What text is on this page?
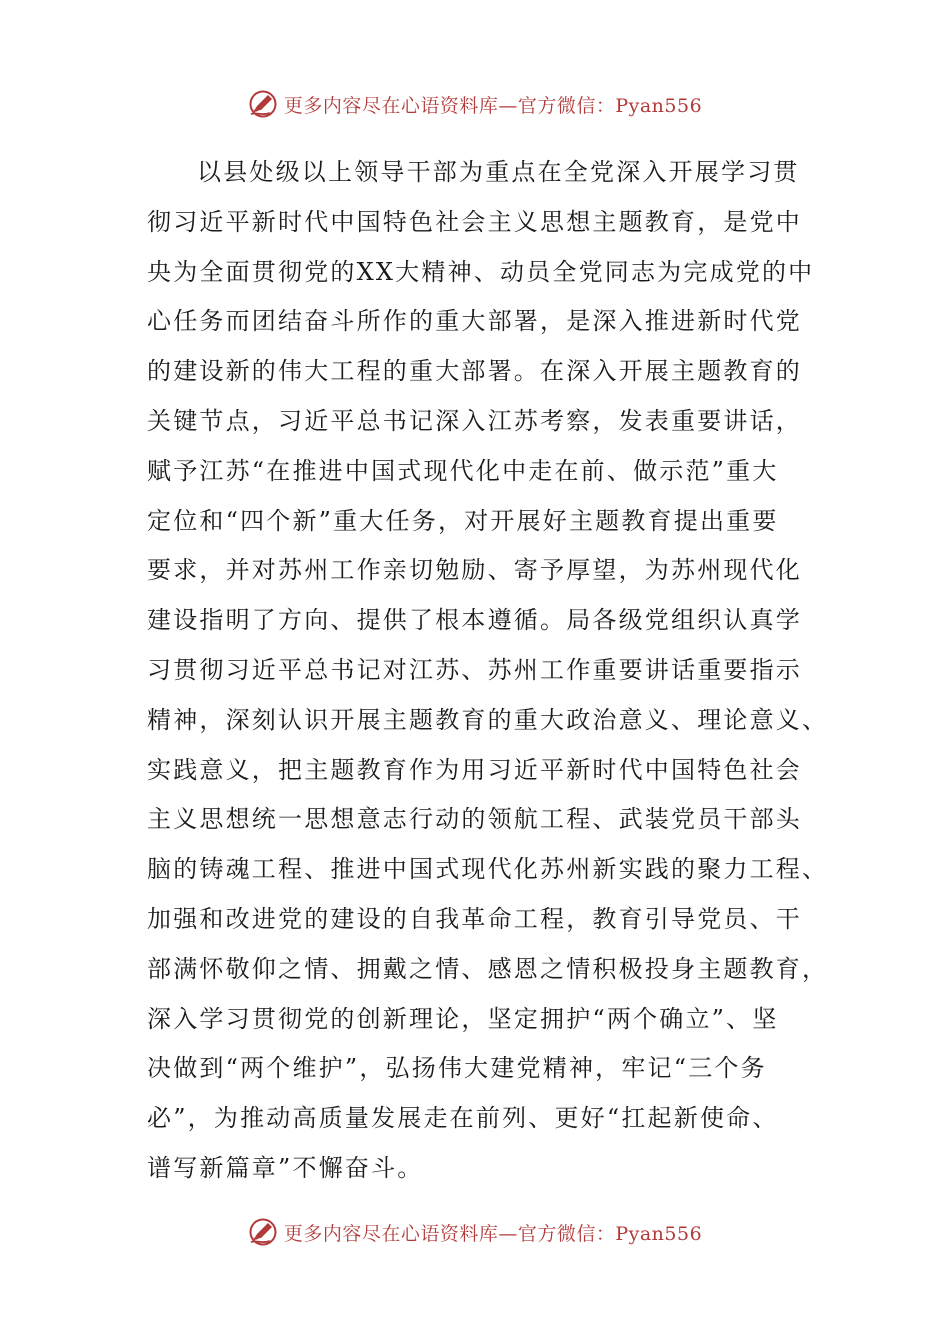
更多内容尽在心语资料库—官方微信：Pyan556
以县处级以上领导干部为重点在全党深入开展学习贯
彻习近平新时代中国特色社会主义思想主题教育，是党中
央为全面贯彻党的XX大精神、动员全党同志为完成党的中
心任务而团结奋斗所作的重大部署，是深入推进新时代党
的建设新的伟大工程的重大部署。在深入开展主题教育的
关键节点，习近平总书记深入江苏考察，发表重要讲话，
赋予江苏“在推进中国式现代化中走在前、做示范”重大
定位和“四个新”重大任务，对开展好主题教育提出重要
要求，并对苏州工作亲切勉励、寄予厚望，为苏州现代化
建设指明了方向、提供了根本遵循。局各级党组织认真学
习贯彻习近平总书记对江苏、苏州工作重要讲话重要指示
精神，深刻认识开展主题教育的重大政治意义、理论意义、
实践意义，把主题教育作为用习近平新时代中国特色社会
主义思想统一思想意志行动的领航工程、武装党员干部头
脑的铸魂工程、推进中国式现代化苏州新实践的聚力工程、
加强和改进党的建设的自我革命工程，教育引导党员、干
部满怀敬仰之情、拥戴之情、感恩之情积极投身主题教育，
深入学习贯彻党的创新理论，坚定拥护“两个确立”、坚
决做到“两个维护”，弘扬伟大建党精神，牢记“三个务
必”，为推动高质量发展走在前列、更好“扛起新使命、
谱写新篇章”不懈奋斗。
更多内容尽在心语资料库—官方微信：Pyan556
